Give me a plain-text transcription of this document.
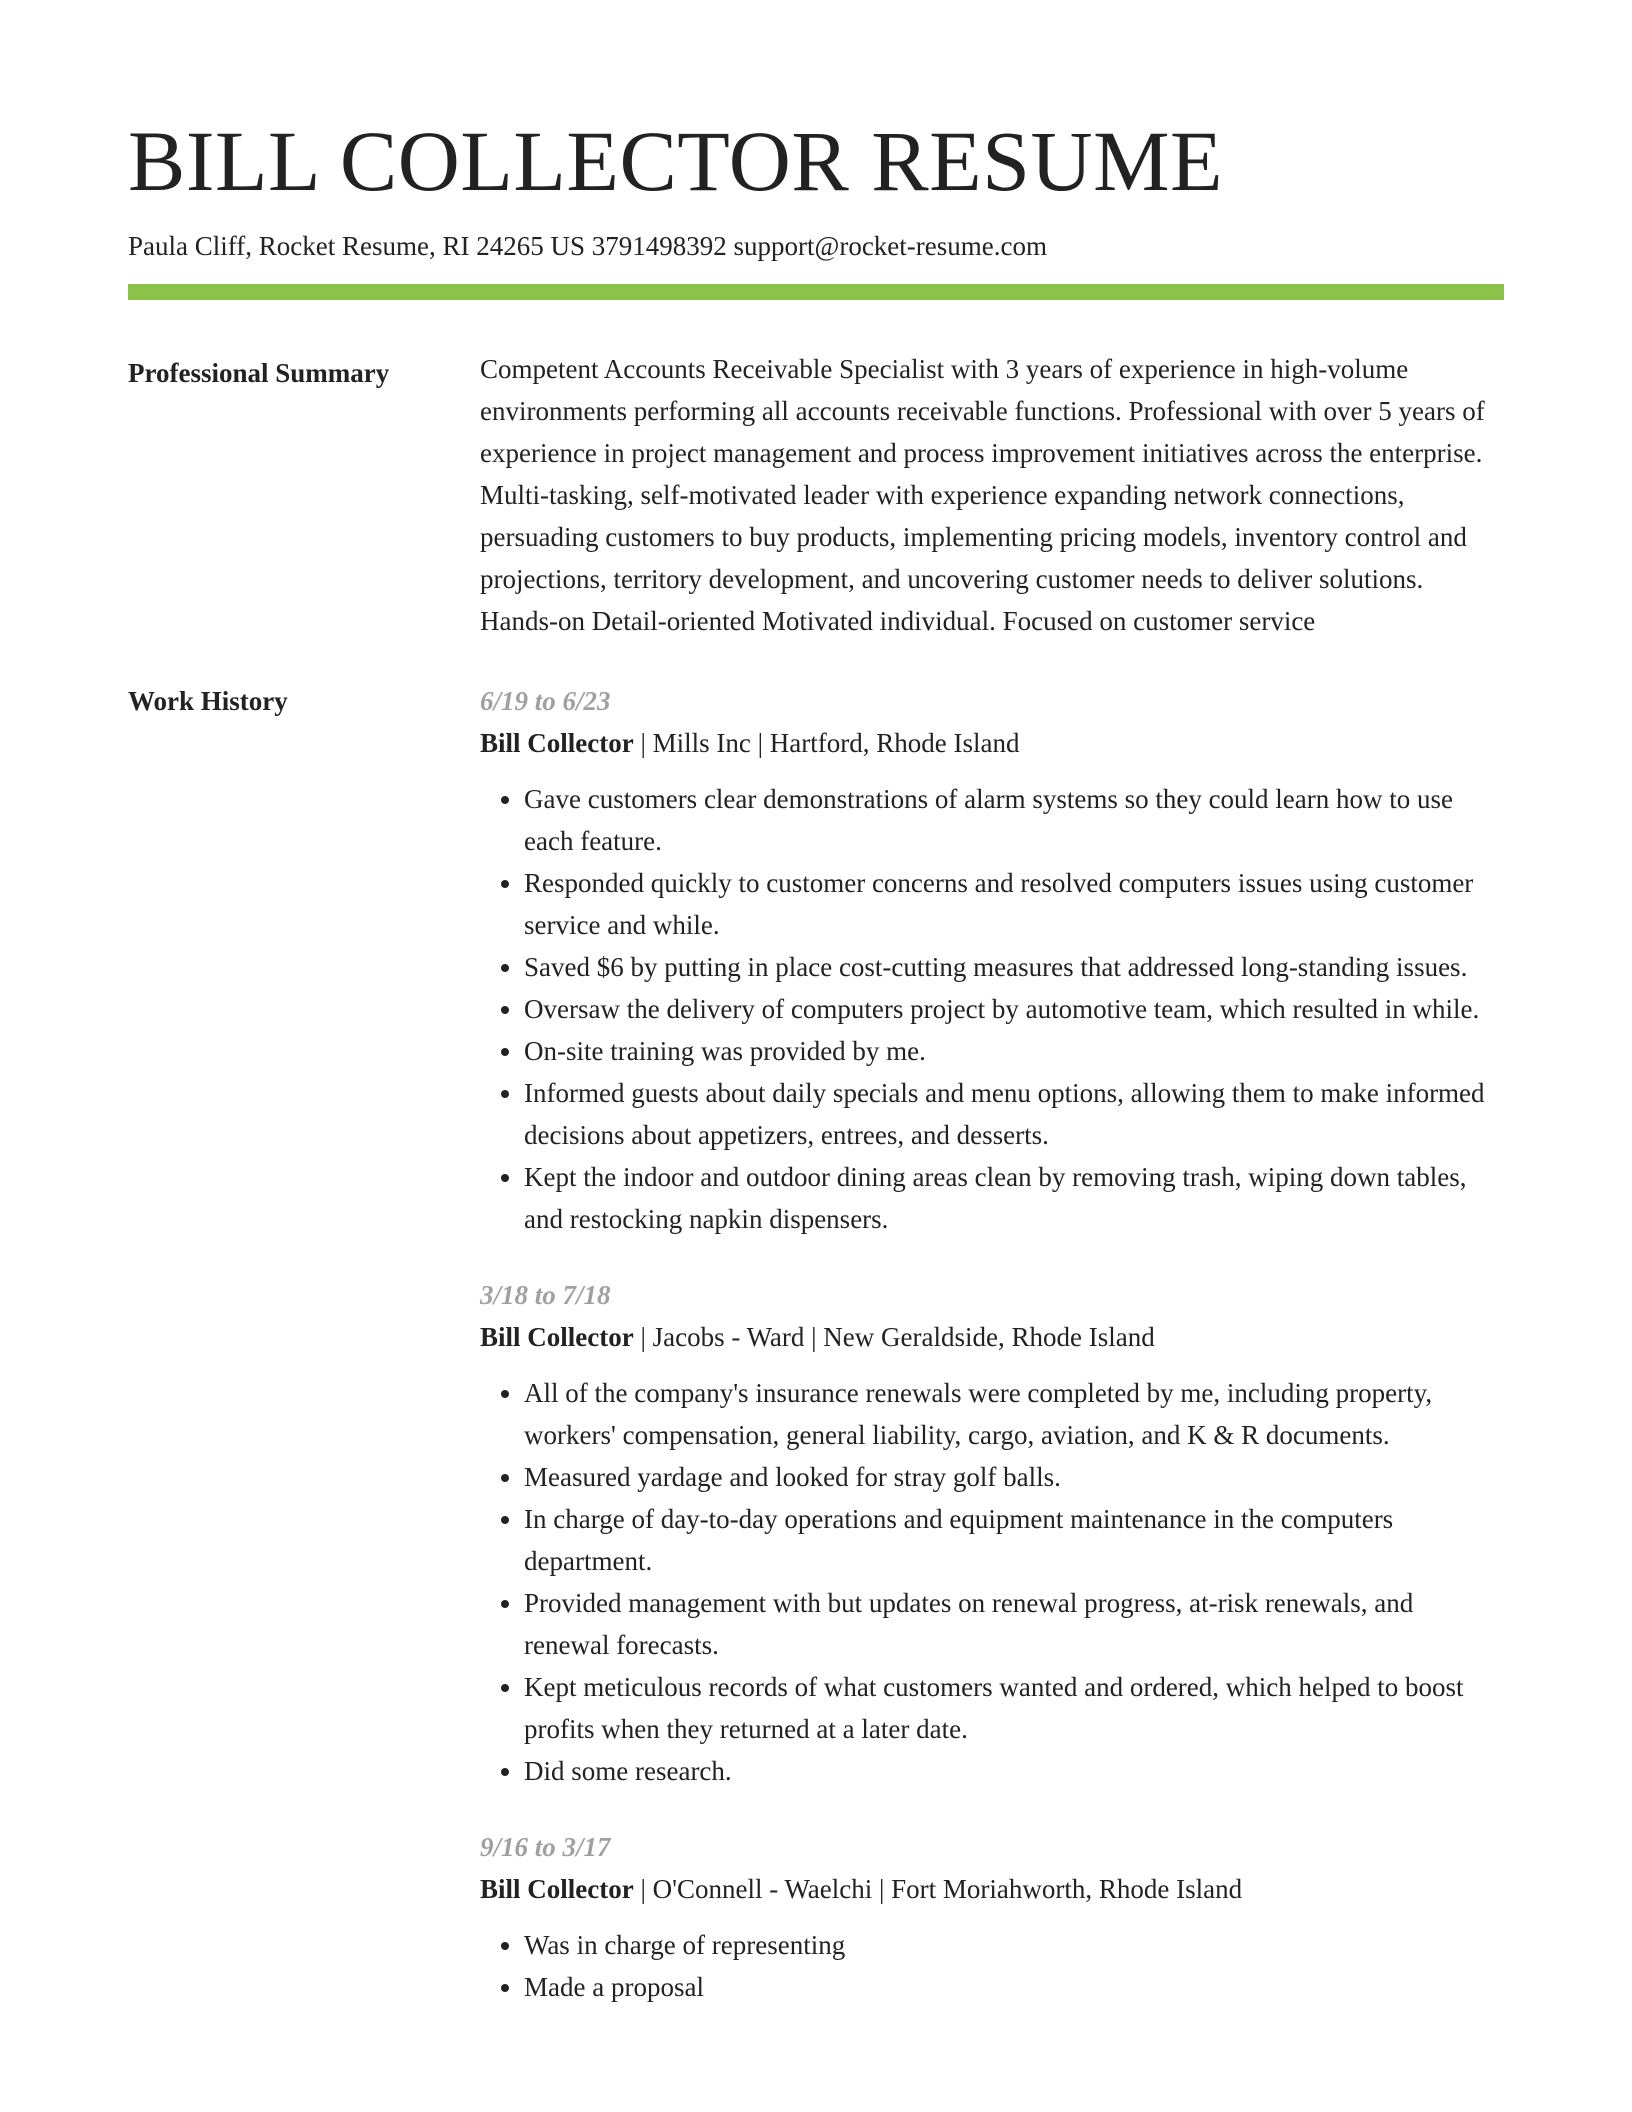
BILL COLLECTOR RESUME
Paula Cliff, Rocket Resume, RI 24265 US 3791498392 support@rocket-resume.com
Professional Summary	Competent Accounts Receivable Specialist with 3 years of experience in high-volume environments performing all accounts receivable functions. Professional with over 5 years of experience in project management and process improvement initiatives across the enterprise. Multi-tasking, self-motivated leader with experience expanding network connections, persuading customers to buy products, implementing pricing models, inventory control and projections, territory development, and uncovering customer needs to deliver solutions. Hands-on Detail-oriented Motivated individual. Focused on customer service

Work History	6/19 to 6/23
Bill Collector | Mills Inc | Hartford, Rhode Island
• Gave customers clear demonstrations of alarm systems so they could learn how to use each feature.
• Responded quickly to customer concerns and resolved computers issues using customer service and while.
• Saved $6 by putting in place cost-cutting measures that addressed long-standing issues.
• Oversaw the delivery of computers project by automotive team, which resulted in while.
• On-site training was provided by me.
• Informed guests about daily specials and menu options, allowing them to make informed decisions about appetizers, entrees, and desserts.
• Kept the indoor and outdoor dining areas clean by removing trash, wiping down tables, and restocking napkin dispensers.
3/18 to 7/18
Bill Collector | Jacobs - Ward | New Geraldside, Rhode Island
• All of the company's insurance renewals were completed by me, including property, workers' compensation, general liability, cargo, aviation, and K & R documents.
• Measured yardage and looked for stray golf balls.
• In charge of day-to-day operations and equipment maintenance in the computers department.
• Provided management with but updates on renewal progress, at-risk renewals, and renewal forecasts.
• Kept meticulous records of what customers wanted and ordered, which helped to boost profits when they returned at a later date.
• Did some research.
9/16 to 3/17
Bill Collector | O'Connell - Waelchi | Fort Moriahworth, Rhode Island
• Was in charge of representing
• Made a proposal
